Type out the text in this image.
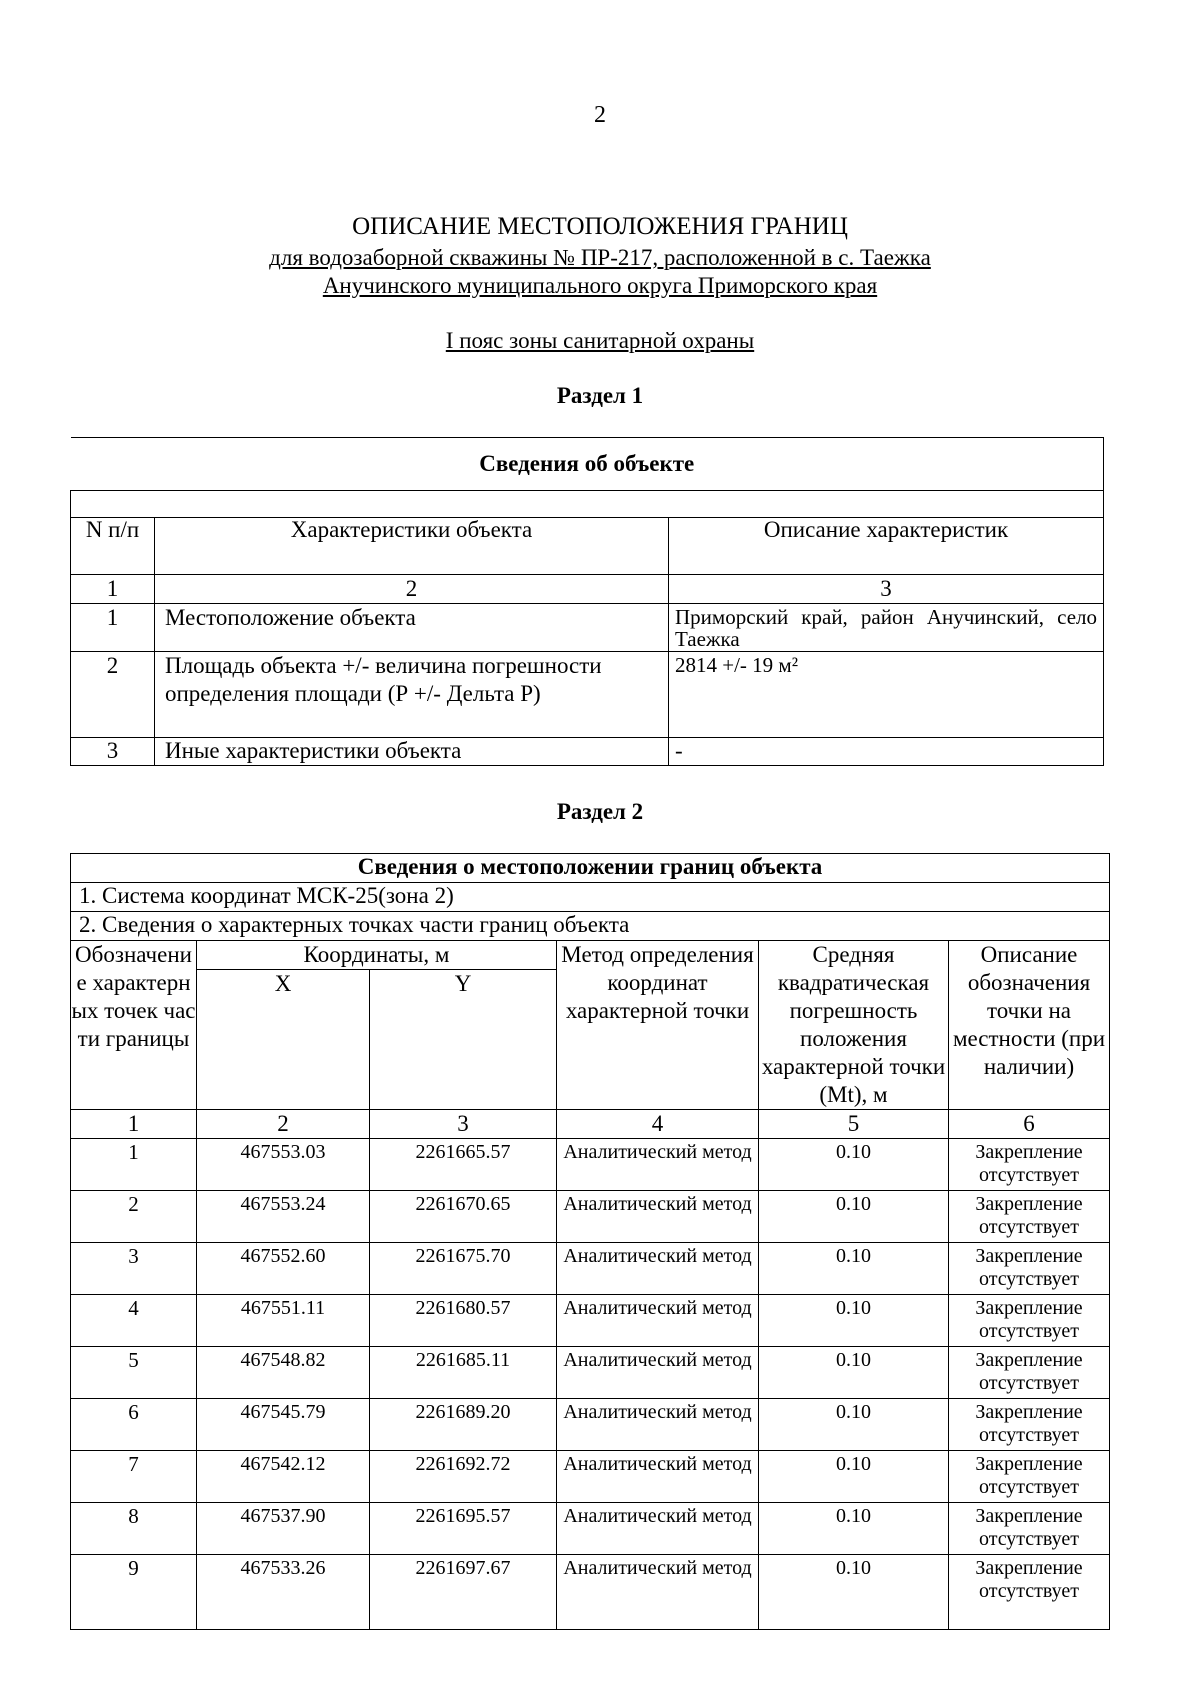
2
ОПИСАНИЕ МЕСТОПОЛОЖЕНИЯ ГРАНИЦ
для водозаборной скважины № ПР-217, расположенной в с. Таежка
Анучинского муниципального округа Приморского края
I пояс зоны санитарной охраны
Раздел 1
Сведения об объекте		

N п/п	Характеристики объекта	Описание характеристик
1	2	3
1	Местоположение объекта	Приморский край, район Анучинский, село Таежка
2	Площадь объекта +/- величина погрешности определения площади (Р +/- Дельта Р)	2814 +/- 19 м²
3	Иные характеристики объекта	-
Раздел 2
Сведения о местоположении границ объекта					
1. Система координат МСК-25(зона 2)					
2. Сведения о характерных точках части границ объекта					
Обозначение характерных точек части границы	Координаты, м		Метод определения координат характерной точки	Средняя квадратическая погрешность положения характерной точки (Mt), м	Описание обозначения точки на местности (при наличии)
	X	Y			
1	2	3	4	5	6
1	467553.03	2261665.57	Аналитический метод	0.10	Закрепление отсутствует
2	467553.24	2261670.65	Аналитический метод	0.10	Закрепление отсутствует
3	467552.60	2261675.70	Аналитический метод	0.10	Закрепление отсутствует
4	467551.11	2261680.57	Аналитический метод	0.10	Закрепление отсутствует
5	467548.82	2261685.11	Аналитический метод	0.10	Закрепление отсутствует
6	467545.79	2261689.20	Аналитический метод	0.10	Закрепление отсутствует
7	467542.12	2261692.72	Аналитический метод	0.10	Закрепление отсутствует
8	467537.90	2261695.57	Аналитический метод	0.10	Закрепление отсутствует
9	467533.26	2261697.67	Аналитический метод	0.10	Закрепление отсутствует
